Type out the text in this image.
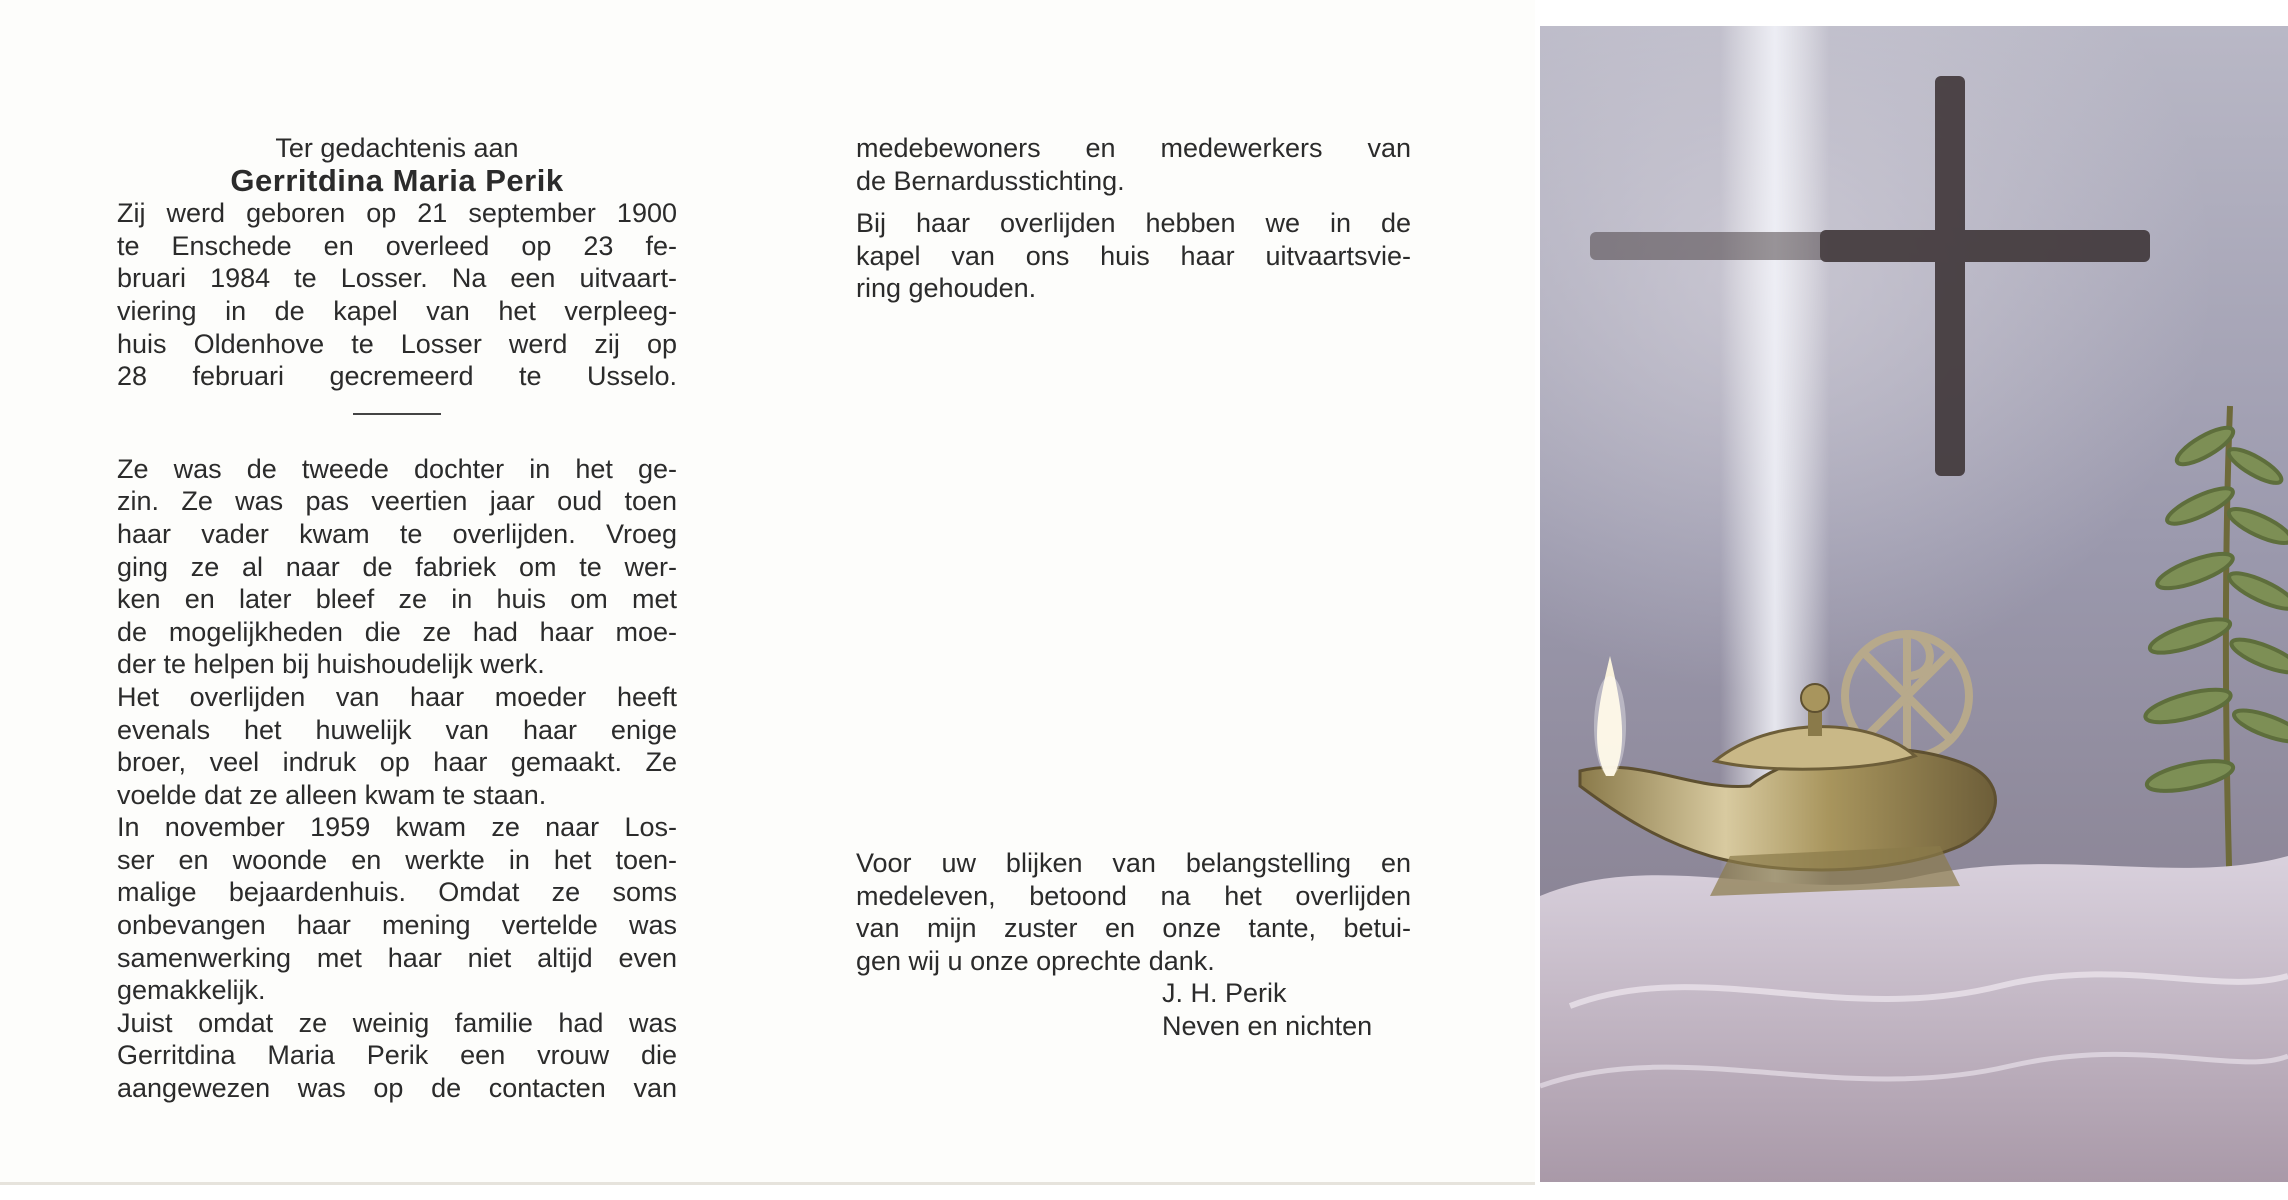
Ter gedachtenis aan

Gerritdina Maria Perik

Zij werd geboren op 21 september 1900

te Enschede en overleed op 23 fe-

bruari 1984 te Losser. Na een uitvaart-

viering in de kapel van het verpleeg-

huis Oldenhove te Losser werd zij op

28 februari gecremeerd te Usselo.

Ze was de tweede dochter in het ge-

zin. Ze was pas veertien jaar oud toen

haar vader kwam te overlijden. Vroeg

ging ze al naar de fabriek om te wer-

ken en later bleef ze in huis om met

de mogelijkheden die ze had haar moe-

der te helpen bij huishoudelijk werk.

Het overlijden van haar moeder heeft

evenals het huwelijk van haar enige

broer, veel indruk op haar gemaakt. Ze

voelde dat ze alleen kwam te staan.

In november 1959 kwam ze naar Los-

ser en woonde en werkte in het toen-

malige bejaardenhuis. Omdat ze soms

onbevangen haar mening vertelde was

samenwerking met haar niet altijd even

gemakkelijk.

Juist omdat ze weinig familie had was

Gerritdina Maria Perik een vrouw die

aangewezen was op de contacten van

medebewoners en medewerkers van

de Bernardusstichting.

Bij haar overlijden hebben we in de

kapel van ons huis haar uitvaartsvie-

ring gehouden.

Voor uw blijken van belangstelling en

medeleven, betoond na het overlijden

van mijn zuster en onze tante, betui-

gen wij u onze oprechte dank.

J. H. Perik

Neven en nichten
